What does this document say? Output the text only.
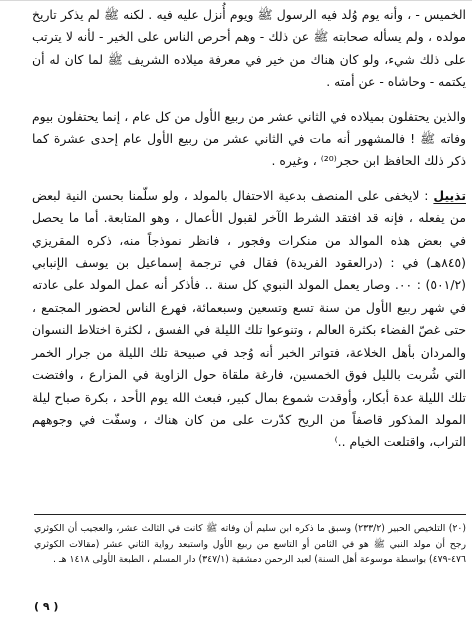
الخميس - ، وأنه يوم وُلد فيه الرسول ﷺ ويوم أُنزل عليه فيه . لكنه ﷺ لم يذكر تاريخ مولده ، ولم يسأله صحابته ﷺ عن ذلك - وهم أحرص الناس على الخير - لأنه لا يترتب على ذلك شيء، ولو كان هناك من خير في معرفة ميلاده الشريف ﷺ لما كان له أن يكتمه - وحاشاه - عن أمته .

والذين يحتفلون بميلاده في الثاني عشر من ربيع الأول من كل عام ، إنما يحتفلون بيوم وفاته ﷺ ! فالمشهور أنه مات في الثاني عشر من ربيع الأول عام إحدى عشرة كما ذكر ذلك الحافظ ابن حجر⁽²⁰⁾ ، وغيره .

تذييل : لايخفى على المنصف بدعية الاحتفال بالمولد ، ولو سلّمنا بحسن النية لبعض من يفعله ، فإنه قد افتقد الشرط الآخر لقبول الأعمال ، وهو المتابعة. أما ما يحصل في بعض هذه الموالد من منكرات وفجور ، فانظر نموذجاً منه، ذكره المقريزي (٨٤٥هـ) في : (درالعقود الفريدة) فقال في ترجمة إسماعيل بن يوسف الإنبابي (٥٠١/٢) : ٠٠. وصار يعمل المولد النبوي كل سنة .. فأذكر أنه عمل المولد على عادته في شهر ربيع الأول من سنة تسع وتسعين وسبعمائة، فهرع الناس لحضور المجتمع ، حتى غصّ الفضاء بكثرة العالم ، وتنوعوا تلك الليلة في الفسق ، لكثرة اختلاط النسوان والمردان بأهل الخلاعة، فتواتر الخبر أنه وُجد في صبيحة تلك الليلة من جرار الخمر التي شُربت بالليل فوق الخمسين، فارغة ملقاة حول الزاوية في المزارع ، وافتضت تلك الليلة عدة أبكار، وأوقدت شموع بمال كبير، فبعث الله يوم الأحد ، بكرة صباح ليلة المولد المذكور قاصفاً من الريح كدّرت على من كان هناك ، وسفّت في وجوههم التراب، واقتلعت الخيام ..⁾

(٢٠) التلخيص الحبير (٢٣٣/٢) وسبق ما ذكره ابن سليم أن وفاته ﷺ كانت في الثالث عشر، والعجيب أن الكوثري رجح أن مولد النبي ﷺ هو في الثامن أو التاسع من ربيع الأول واستبعد رواية الثاني عشر (مقالات الكوثري ٤٧٦-٤٧٩) بواسطة موسوعة أهل السنة) لعبد الرحمن دمشقية (٣٤٧/١) دار المسلم ، الطبعة الأولى ١٤١٨ هـ .

( ٩ )
